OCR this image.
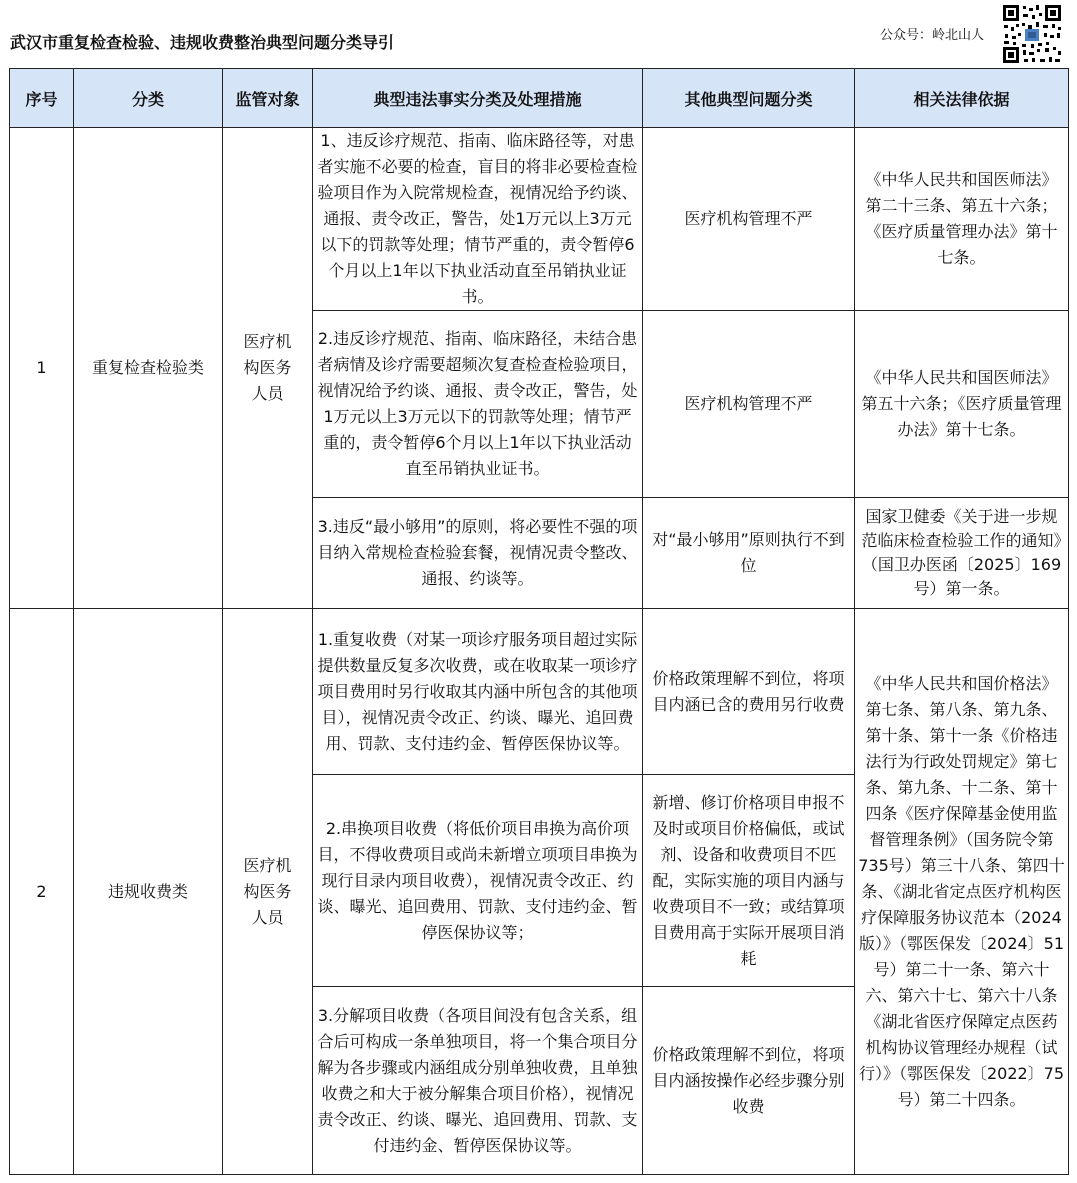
武汉市重复检查检验、违规收费整治典型问题分类导引	公众号：岭北山人
序号	分类	监管对象	典型违法事实分类及处理措施	其他典型问题分类	相关法律依据
1	重复检查检验类	医疗机构医务人员	1、违反诊疗规范、指南、临床路径等，对患者实施不必要的检查，盲目的将非必要检查检验项目作为入院常规检查，视情况给予约谈、通报、责令改正，警告，处1万元以上3万元以下的罚款等处理；情节严重的，责令暂停6个月以上1年以下执业活动直至吊销执业证书。	医疗机构管理不严	《中华人民共和国医师法》第二十三条、第五十六条；《医疗质量管理办法》第十七条。
			2.违反诊疗规范、指南、临床路径，未结合患者病情及诊疗需要超频次复查检查检验项目，视情况给予约谈、通报、责令改正，警告，处1万元以上3万元以下的罚款等处理；情节严重的，责令暂停6个月以上1年以下执业活动直至吊销执业证书。	医疗机构管理不严	《中华人民共和国医师法》第五十六条；《医疗质量管理办法》第十七条。
			3.违反“最小够用”的原则，将必要性不强的项目纳入常规检查检验套餐，视情况责令整改、通报、约谈等。	对“最小够用”原则执行不到位	国家卫健委《关于进一步规范临床检查检验工作的通知》（国卫办医函〔2025〕169号）第一条。
2	违规收费类	医疗机构医务人员	1.重复收费（对某一项诊疗服务项目超过实际提供数量反复多次收费，或在收取某一项诊疗项目费用时另行收取其内涵中所包含的其他项目），视情况责令改正、约谈、曝光、追回费用、罚款、支付违约金、暂停医保协议等。	价格政策理解不到位，将项目内涵已含的费用另行收费	《中华人民共和国价格法》第七条、第八条、第九条、第十条、第十一条《价格违法行为行政处罚规定》第七条、第九条、十二条、第十四条《医疗保障基金使用监督管理条例》（国务院令第735号）第三十八条、第四十条、《湖北省定点医疗机构医疗保障服务协议范本（2024版）》（鄂医保发〔2024〕51号）第二十一条、第六十六、第六十七、第六十八条　《湖北省医疗保障定点医药机构协议管理经办规程（试行）》（鄂医保发〔2022〕75号）第二十四条。
			2.串换项目收费（将低价项目串换为高价项目，不得收费项目或尚未新增立项项目串换为现行目录内项目收费），视情况责令改正、约谈、曝光、追回费用、罚款、支付违约金、暂停医保协议等；	新增、修订价格项目申报不及时或项目价格偏低，或试剂、设备和收费项目不匹配，实际实施的项目内涵与收费项目不一致；或结算项目费用高于实际开展项目消耗	
			3.分解项目收费（各项目间没有包含关系，组合后可构成一条单独项目，将一个集合项目分解为各步骤或内涵组成分别单独收费，且单独收费之和大于被分解集合项目价格），视情况责令改正、约谈、曝光、追回费用、罚款、支付违约金、暂停医保协议等。	价格政策理解不到位，将项目内涵按操作必经步骤分别收费	
